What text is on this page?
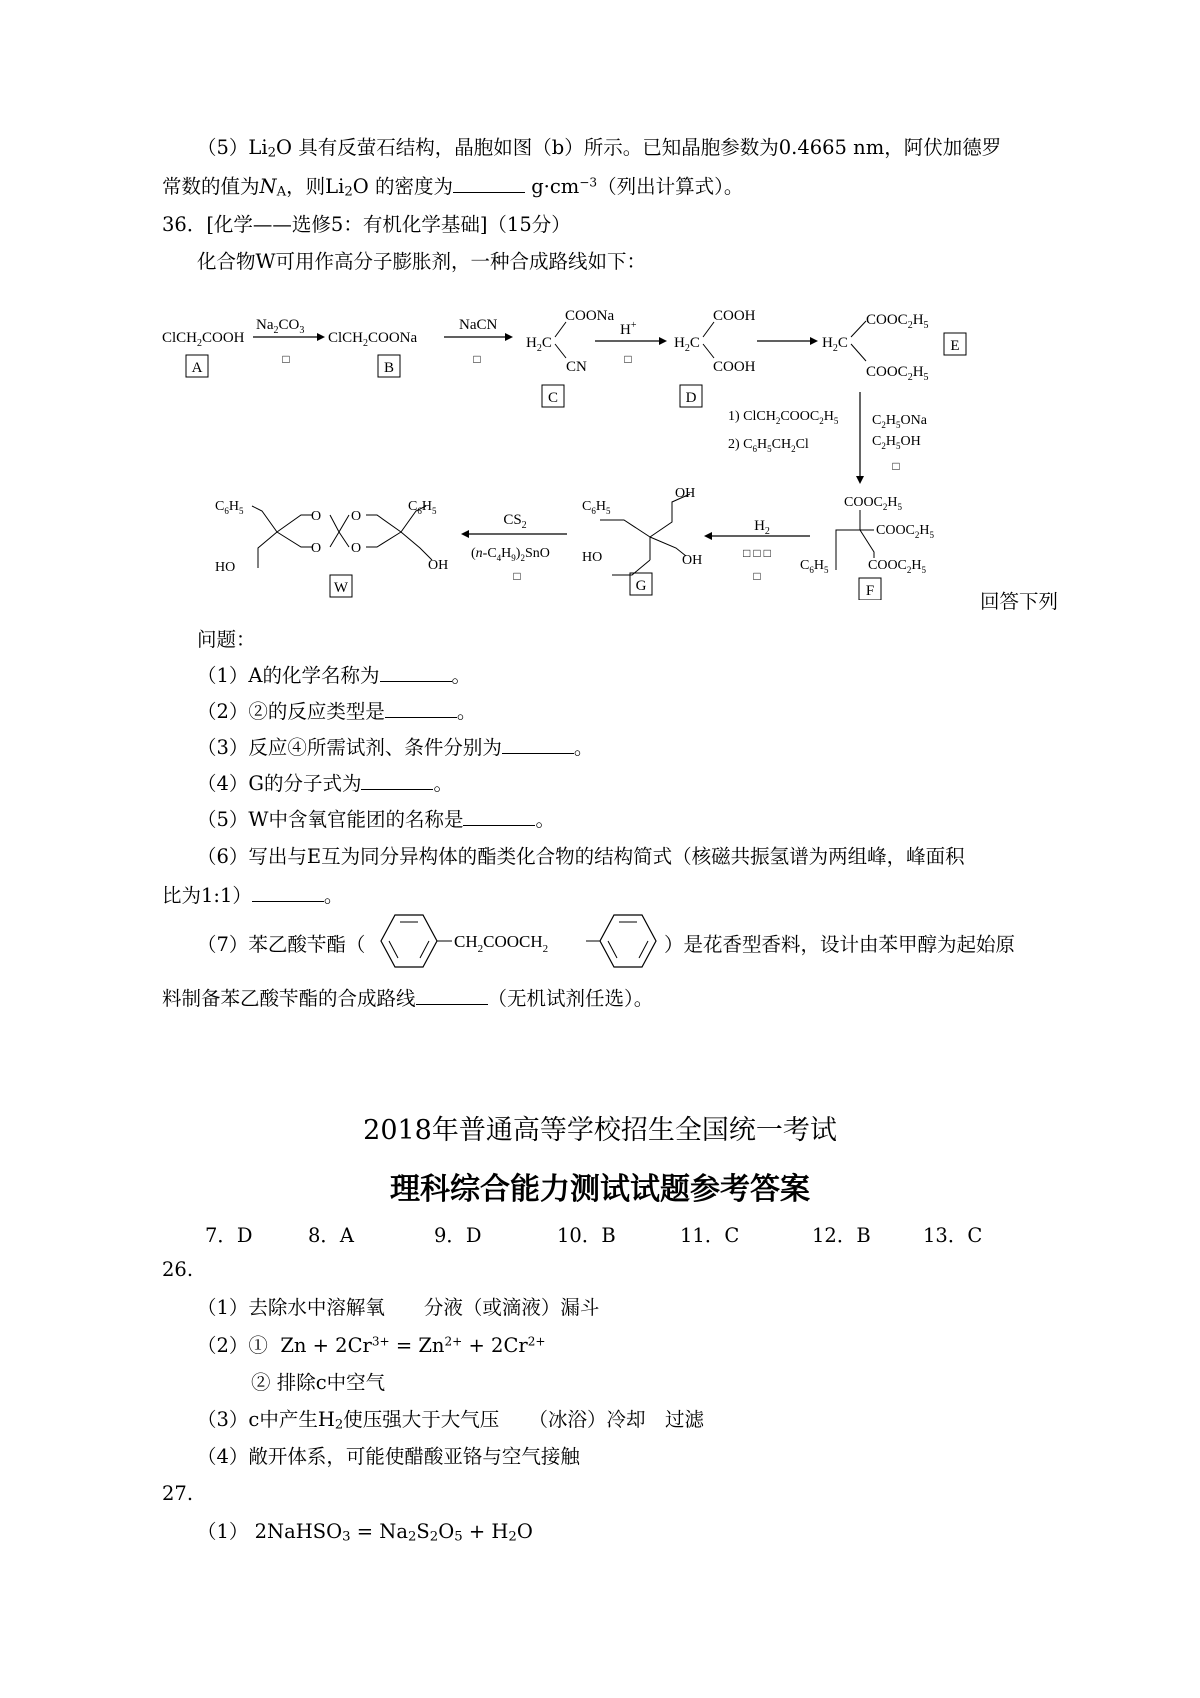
$(5)Li_2O$ 具有反萤石结构，晶胞如图（b）所示。已知晶胞参数为0.4665 nm，阿伏加德罗
常数的值为$N_A$，则$Li_2O$ 的密度为	$g\cdot cm^{-3}$（列出计算式）。
36．[化学——选修5：有机化学基础]（15分）
化合物W可用作高分子膨胀剂，一种合成路线如下：
ClCH$_2$COOH
A
$Na_2CO_3$
□
ClCH$_2$COONa
B
NaCN
□
$H_2C$
COONa
CN
C
H+
□
$H_2C$
COOH
COOH
D
$H_2C$
$COOC_2H_5$
$COOC_2H_5$
E
1) $ClCH_2COOC_2H_5$
2) $C_6H_5CH_2Cl$
$C_2H_5ONa$
$C_2H_5OH$
□
$COOC_2H_5$
$COOC_2H_5$
$COOC_2H_5$
$C_6H_5$
F
$H_2$
□ □ □
□
$C_6H_5$
OH
OH
HO
G
$CS_2$
$(n-C_4H_9)_2SnO$
□
O
O
O
O
$C_6H_5$	$C_6H_5$
HO	OH
W
回答下列
问题：
（1）A的化学名称为	。
（2）②的反应类型是	。
（3）反应④所需试剂、条件分别为	。
（4）G的分子式为	。
（5）W中含氧官能团的名称是	。
（6）写出与E互为同分异构体的酯类化合物的结构简式（核磁共振氢谱为两组峰，峰面积
比为1:1）	。
（7）苯乙酸苄酯（	$CH_2COOCH_2$	）是花香型香料，设计由苯甲醇为起始原
料制备苯乙酸苄酯的合成路线	（无机试剂任选）。
2018年普通高等学校招生全国统一考试
理科综合能力测试试题参考答案
7．D	8．A	9．D	10．B	11．C	12．B	13．C
26.
（1）去除水中溶解氧　　分液（或滴液）漏斗
（2）① $Zn + 2Cr^{3+} = Zn^{2+} + 2Cr^{2+}$
② 排除c中空气
（3）c中产生$H_2$使压强大于大气压　　（冰浴）冷却　过滤
（4）敞开体系，可能使醋酸亚铬与空气接触
27.
（1） 2NaHSO$_3$ = $Na_2S_2O_5 + H_2O$
